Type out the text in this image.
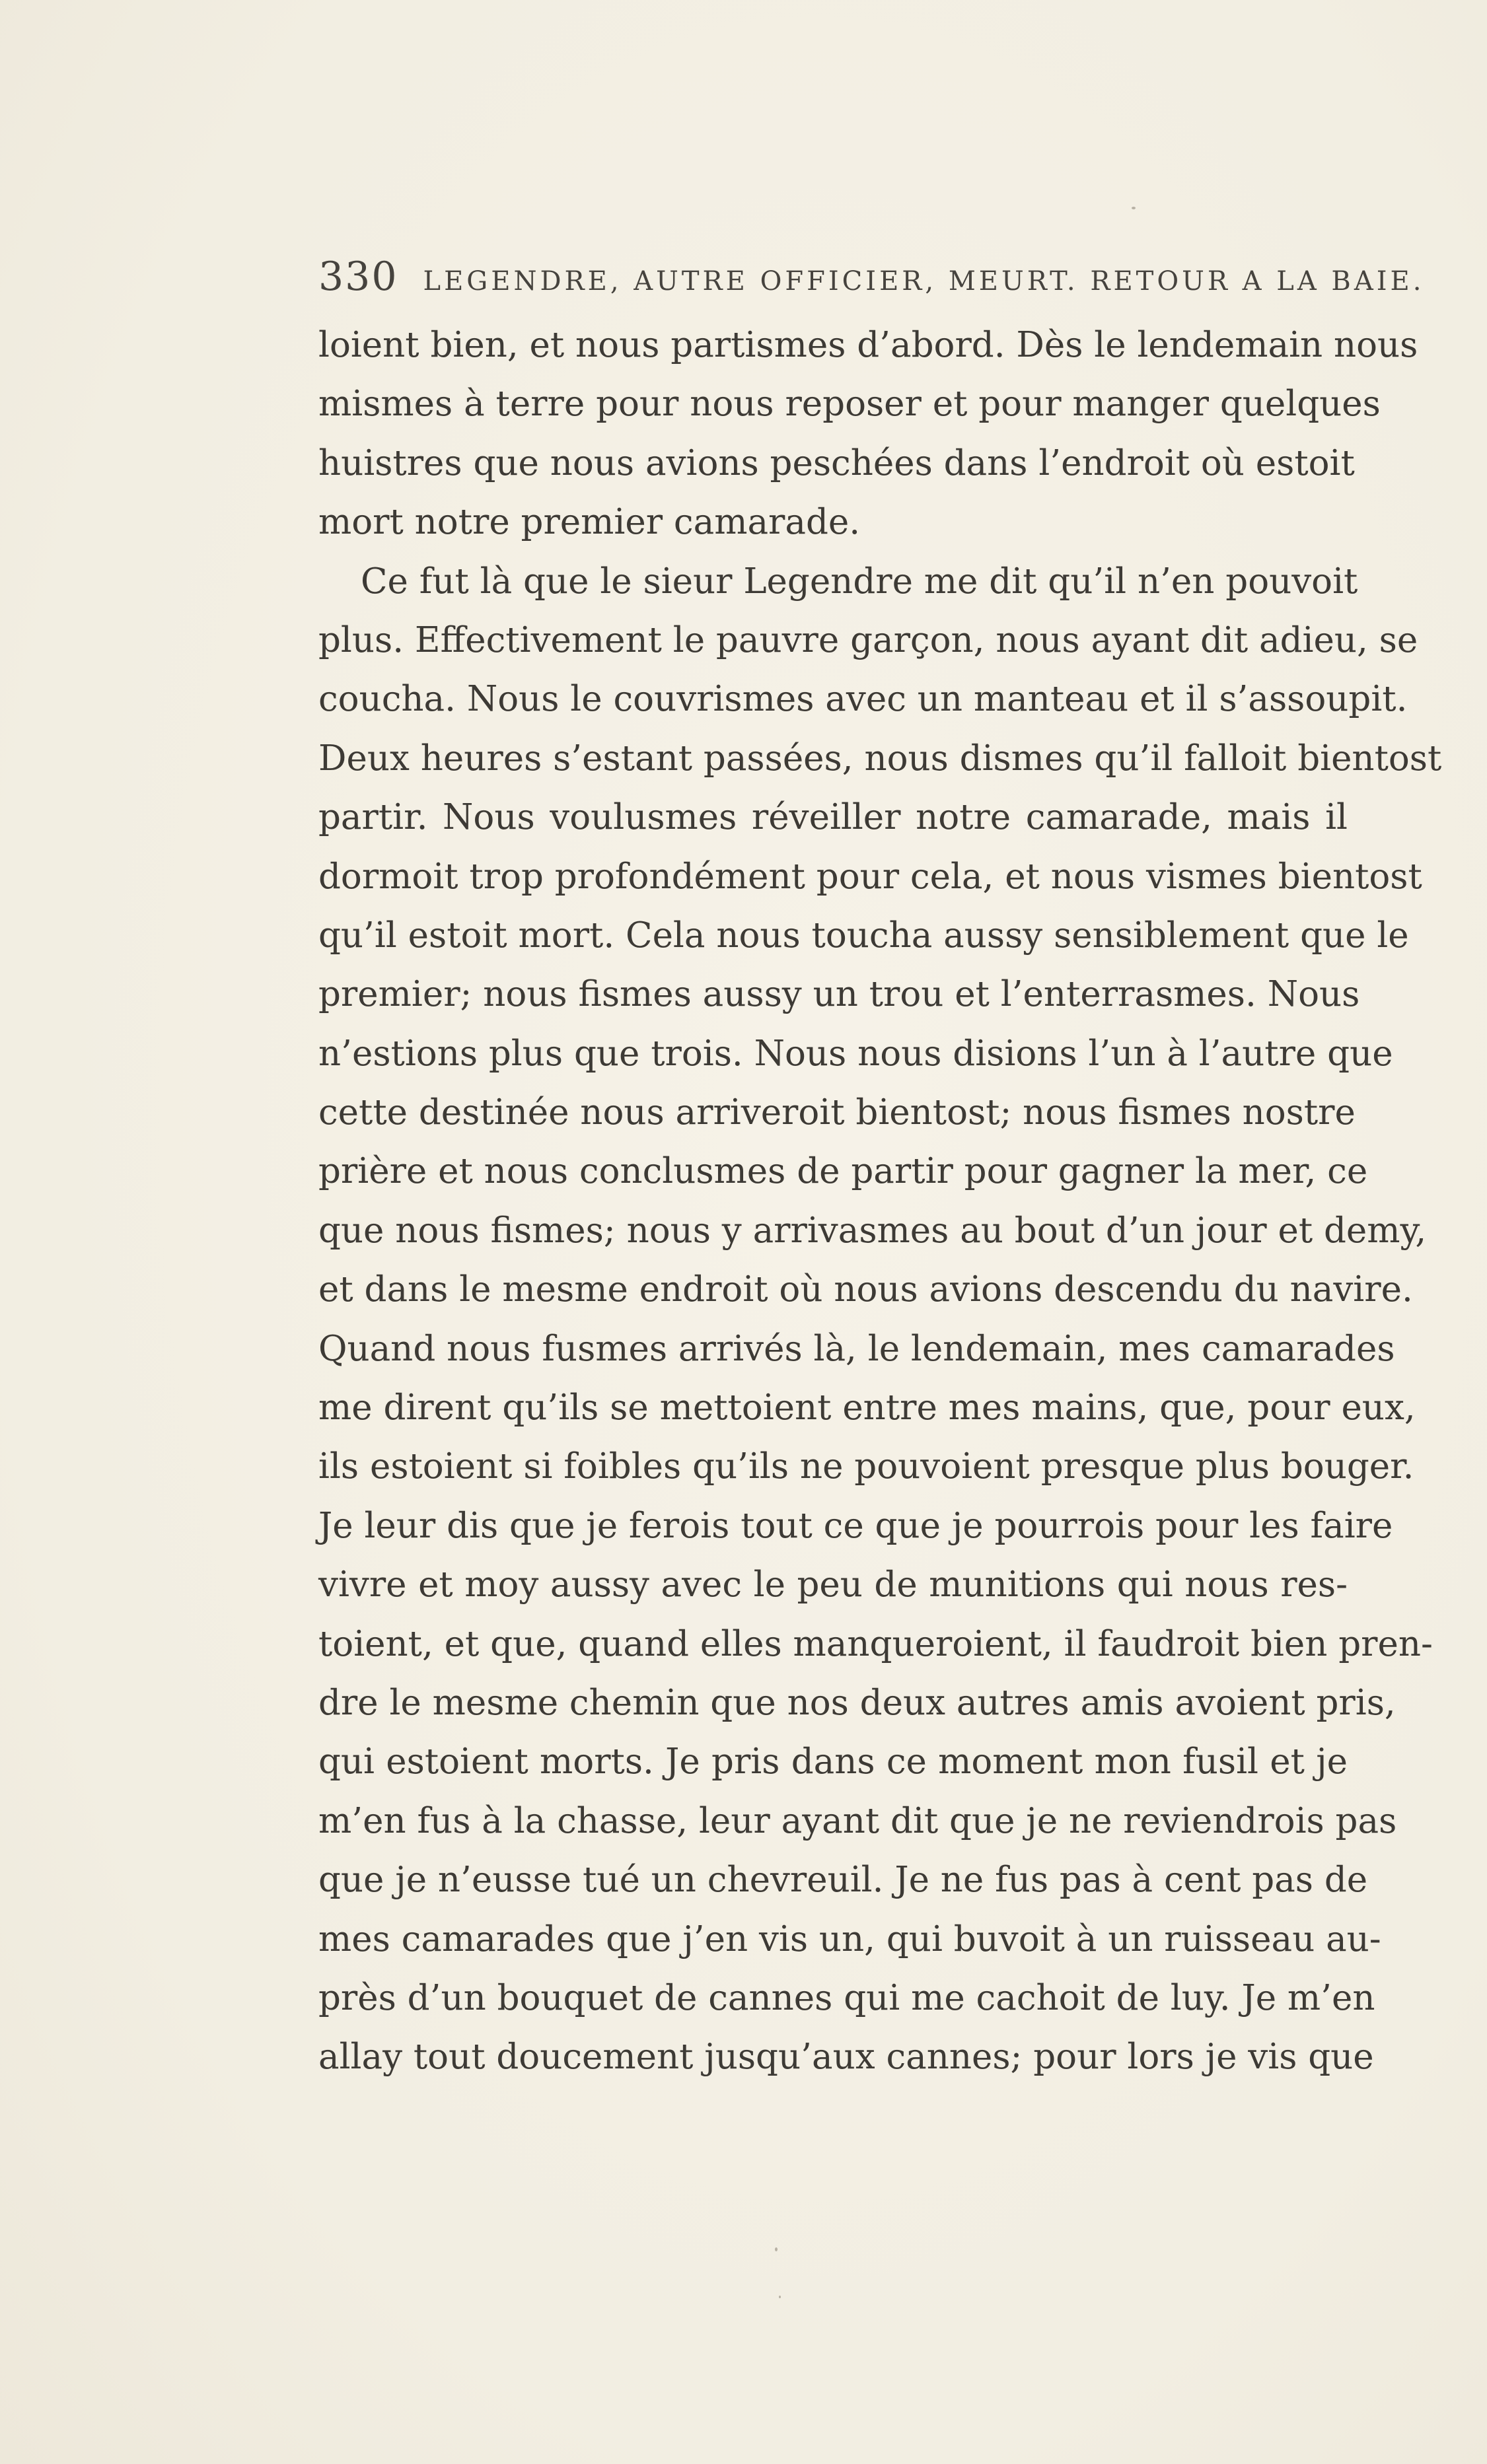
330 LEGENDRE, AUTRE OFFICIER, MEURT. RETOUR A LA BAIE.
loient bien, et nous partismes d’abord. Dès le lendemain nous
mismes à terre pour nous reposer et pour manger quelques
huistres que nous avions peschées dans l’endroit où estoit
mort notre premier camarade.
Ce fut là que le sieur Legendre me dit qu’il n’en pouvoit
plus. Effectivement le pauvre garçon, nous ayant dit adieu, se
coucha. Nous le couvrismes avec un manteau et il s’assoupit.
Deux heures s’estant passées, nous dismes qu’il falloit bientost
partir. Nous voulusmes réveiller notre camarade, mais il
dormoit trop profondément pour cela, et nous vismes bientost
qu’il estoit mort. Cela nous toucha aussy sensiblement que le
premier; nous fismes aussy un trou et l’enterrasmes. Nous
n’estions plus que trois. Nous nous disions l’un à l’autre que
cette destinée nous arriveroit bientost; nous fismes nostre
prière et nous conclusmes de partir pour gagner la mer, ce
que nous fismes; nous y arrivasmes au bout d’un jour et demy,
et dans le mesme endroit où nous avions descendu du navire.
Quand nous fusmes arrivés là, le lendemain, mes camarades
me dirent qu’ils se mettoient entre mes mains, que, pour eux,
ils estoient si foibles qu’ils ne pouvoient presque plus bouger.
Je leur dis que je ferois tout ce que je pourrois pour les faire
vivre et moy aussy avec le peu de munitions qui nous res-
toient, et que, quand elles manqueroient, il faudroit bien pren-
dre le mesme chemin que nos deux autres amis avoient pris,
qui estoient morts. Je pris dans ce moment mon fusil et je
m’en fus à la chasse, leur ayant dit que je ne reviendrois pas
que je n’eusse tué un chevreuil. Je ne fus pas à cent pas de
mes camarades que j’en vis un, qui buvoit à un ruisseau au-
près d’un bouquet de cannes qui me cachoit de luy. Je m’en
allay tout doucement jusqu’aux cannes; pour lors je vis que
